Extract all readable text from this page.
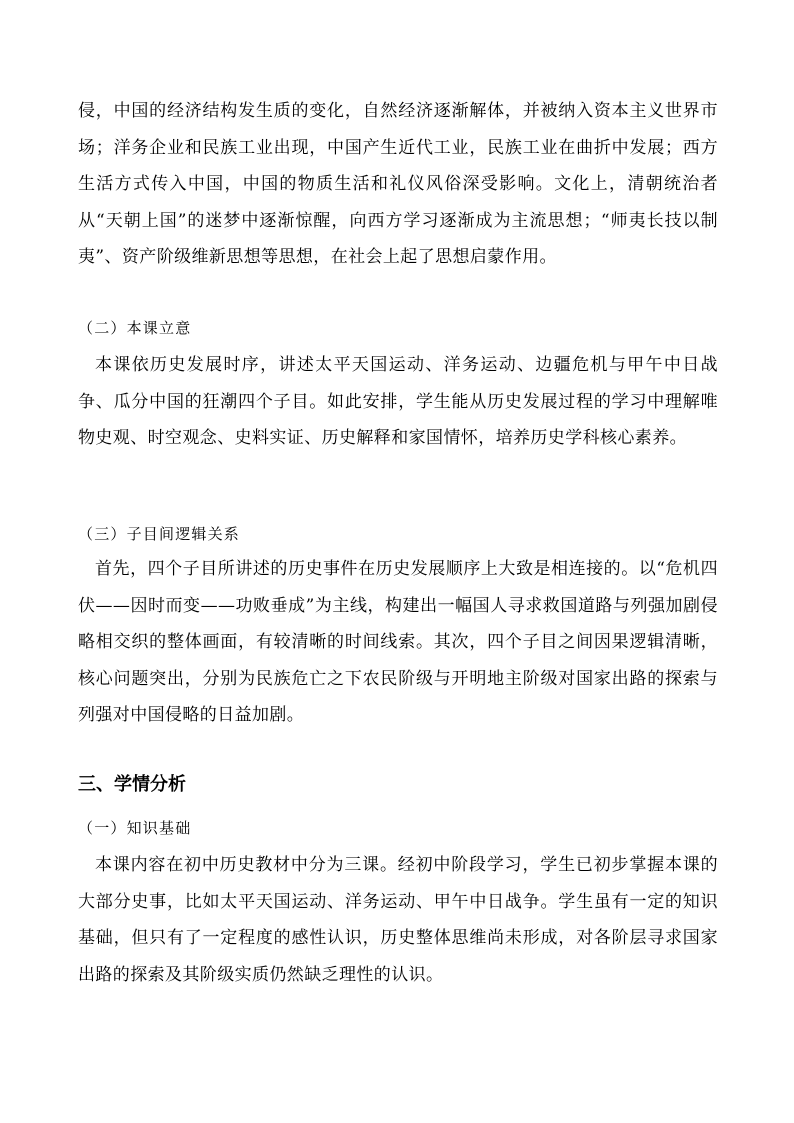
侵，中国的经济结构发生质的变化，自然经济逐渐解体，并被纳入资本主义世界市场；洋务企业和民族工业出现，中国产生近代工业，民族工业在曲折中发展；西方生活方式传入中国，中国的物质生活和礼仪风俗深受影响。文化上，清朝统治者从“天朝上国”的迷梦中逐渐惊醒，向西方学习逐渐成为主流思想；“师夷长技以制夷”、资产阶级维新思想等思想，在社会上起了思想启蒙作用。

（二）本课立意

本课依历史发展时序，讲述太平天国运动、洋务运动、边疆危机与甲午中日战争、瓜分中国的狂潮四个子目。如此安排，学生能从历史发展过程的学习中理解唯物史观、时空观念、史料实证、历史解释和家国情怀，培养历史学科核心素养。

（三）子目间逻辑关系

首先，四个子目所讲述的历史事件在历史发展顺序上大致是相连接的。以“危机四伏——因时而变——功败垂成”为主线，构建出一幅国人寻求救国道路与列强加剧侵略相交织的整体画面，有较清晰的时间线索。其次，四个子目之间因果逻辑清晰，核心问题突出，分别为民族危亡之下农民阶级与开明地主阶级对国家出路的探索与列强对中国侵略的日益加剧。

三、学情分析
（一）知识基础

本课内容在初中历史教材中分为三课。经初中阶段学习，学生已初步掌握本课的大部分史事，比如太平天国运动、洋务运动、甲午中日战争。学生虽有一定的知识基础，但只有了一定程度的感性认识，历史整体思维尚未形成，对各阶层寻求国家出路的探索及其阶级实质仍然缺乏理性的认识。
